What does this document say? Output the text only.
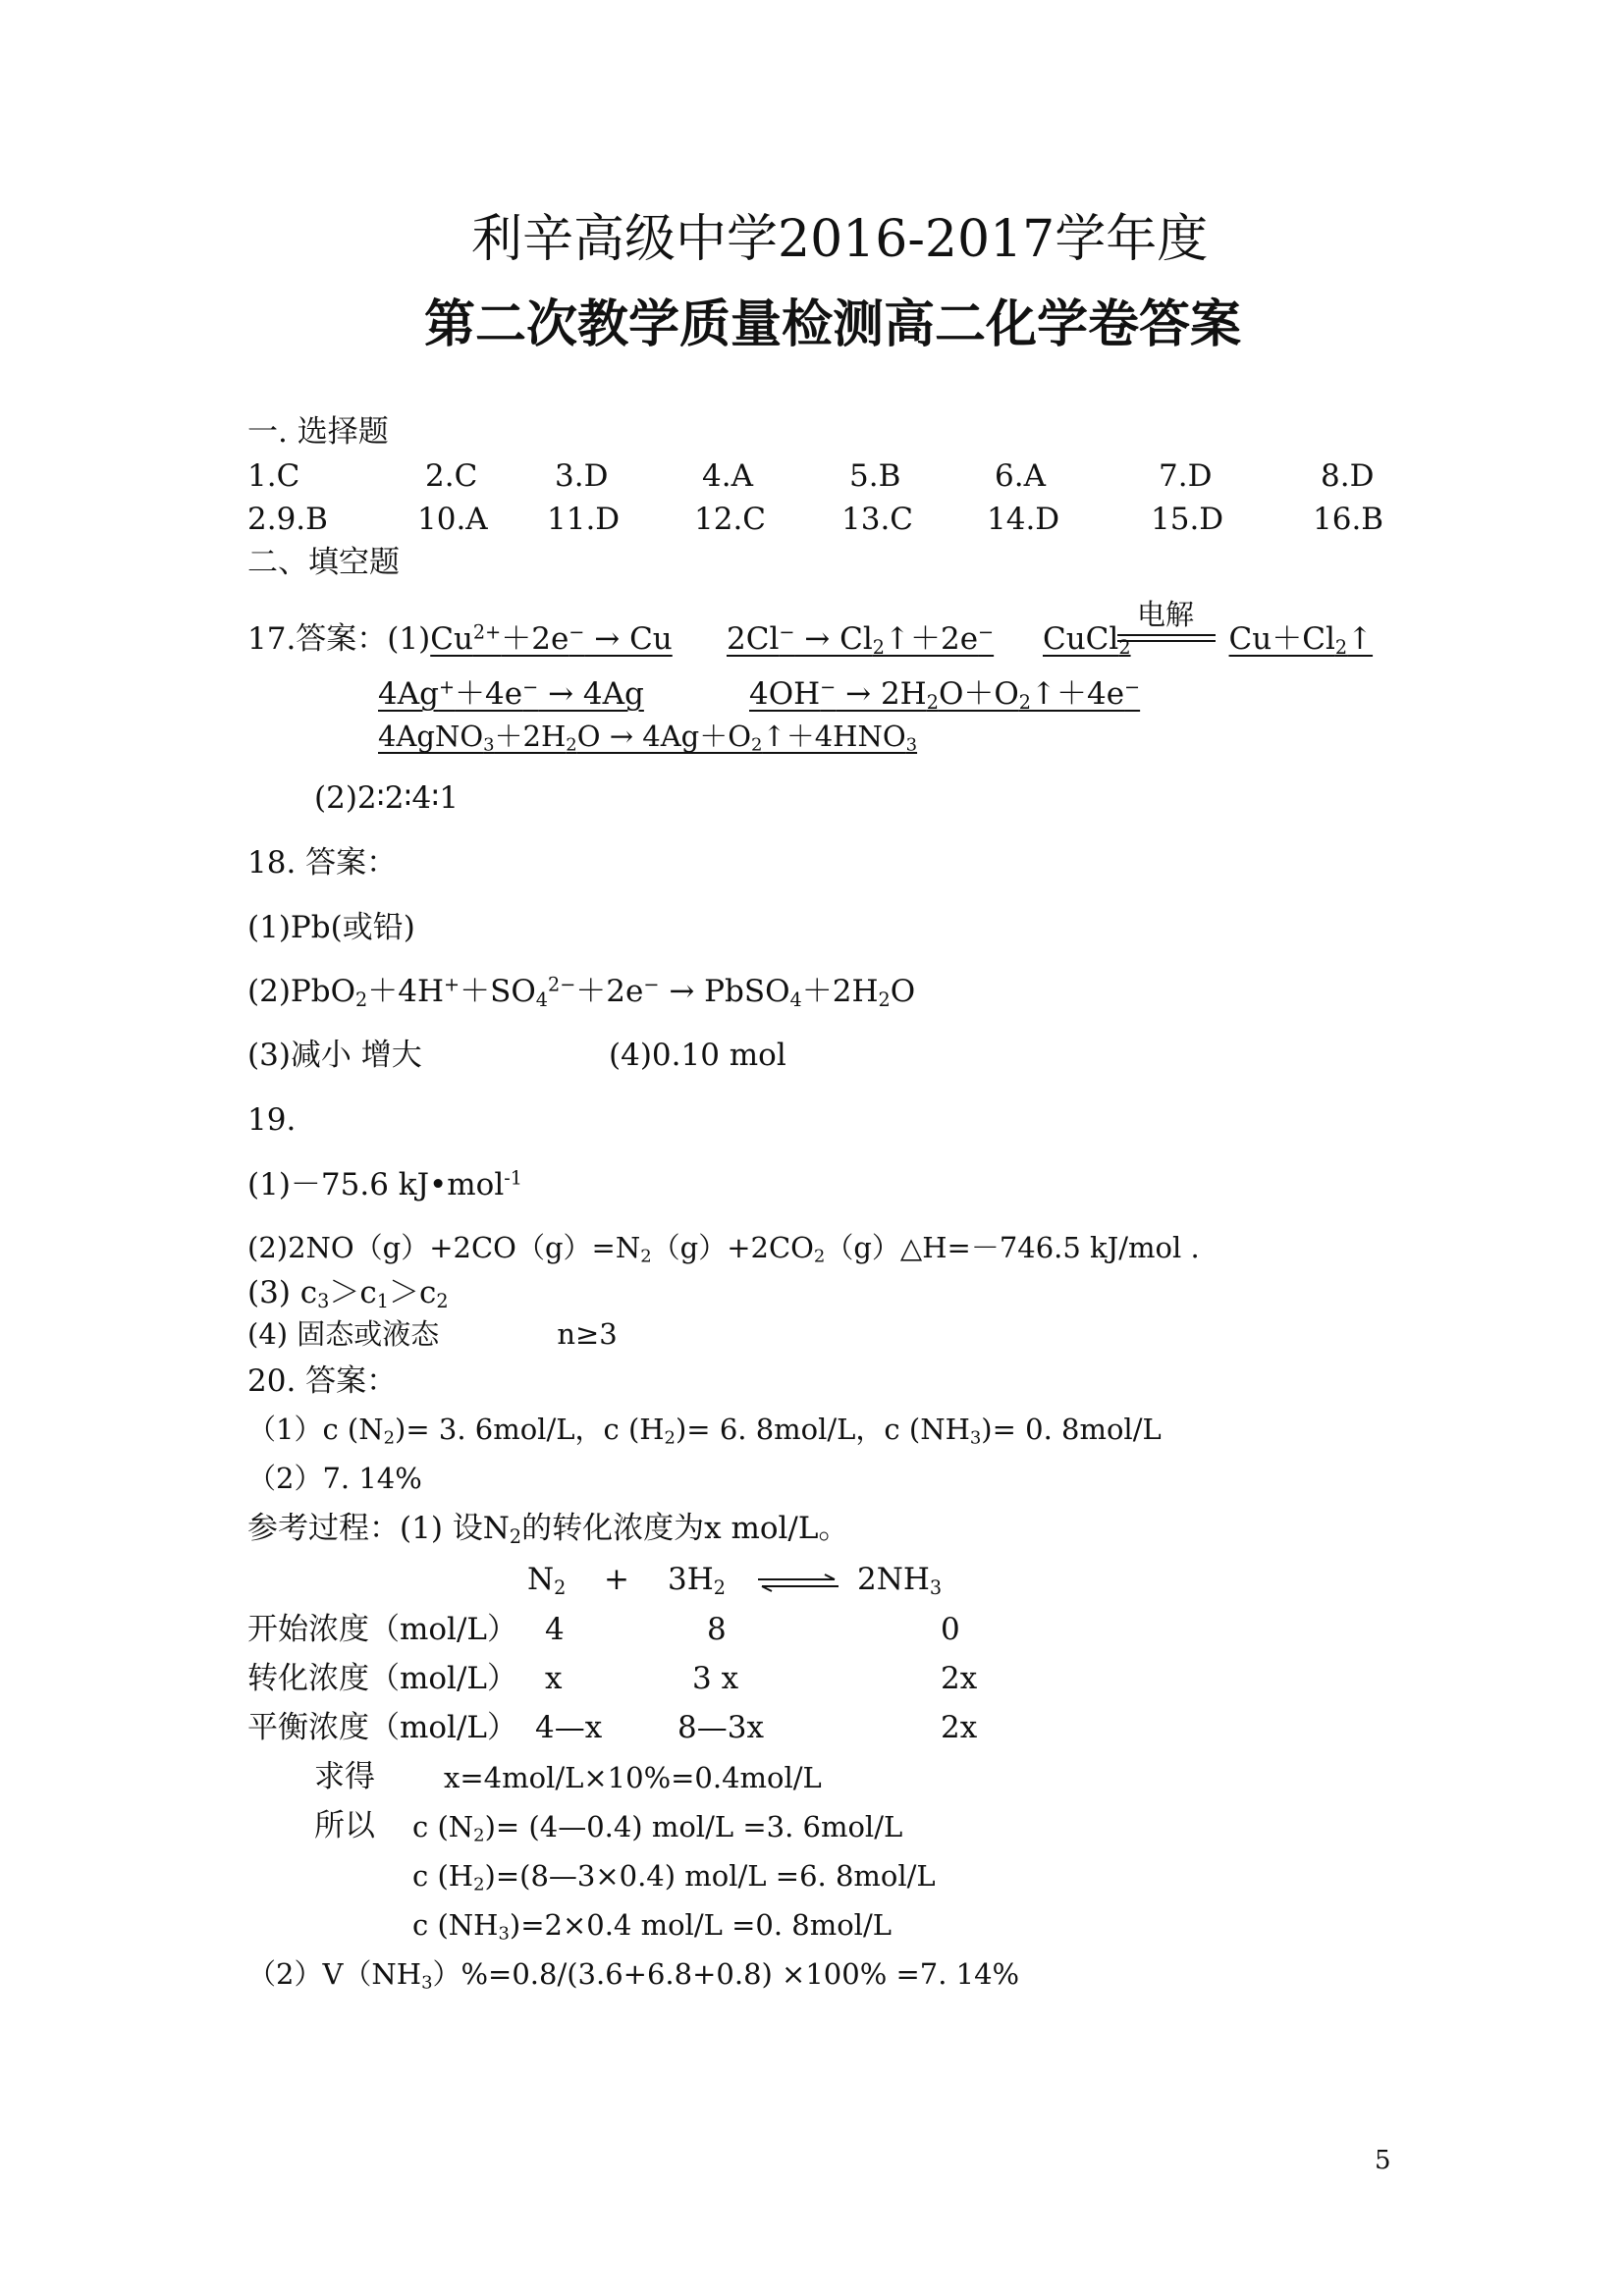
利辛高级中学2016-2017学年度
第二次教学质量检测高二化学卷答案
一. 选择题
1.C	2.C	3.D	4.A	5.B	6.A	7.D	8.D
2.9.B	10.A 11.D 12.C 13.C 14.D	15.D	16.B
二、填空题
17.答案：$(1)Cu^{2+}+2e^- \to Cu$ $2Cl^- \to Cl_2↑+2e^-$
电解
CuCl$_2$	$Cu+Cl_2↑$
4Ag+＋4e− → 4Ag	$4OH^- \to 2H_2O+O_2↑+4e^-$
$4AgNO_3+2H_2O$ → $4Ag+O_2↑+4HNO_3$
(2)2∶2∶4∶1
18. 答案：
(1)Pb(或铅)
$(2)PbO_2+4H^++SO_4^{2-}+2e^-$ → $PbSO_4+2H_2O$
(3)减小 增大	(4)0.10 mol
19.
(1)－75.6 kJ•mol$^{-1}$
$(2)2NO(g)+2CO(g)=N_2(g)+2CO_2(g)\triangle H=-746.5$ kJ/mol .
(3) $c_3>c_1>c_2$
(4) 固态或液态	n≥3
20. 答案：
（1）c $(N_2)= 3$. 6mol/L，c $(H_2)= 6$. 8mol/L，c $(NH_3)= 0$. 8mol/L
（2）7. 14%
参考过程：(1) 设$N_2$的转化浓度为x mol/L。
$N_2 + 3H_2$	$2NH_3$
开始浓度（mol/L） 4	8	0
转化浓度（mol/L） x	3 x	2x
平衡浓度（mol/L） 4—x 8—3x	2x
求得 x=4mol/L×10%=0.4mol/L
所以 c $(N_2)=$ (4—0.4) mol/L =3. 6mol/L
c $(H_2)=(8—3\times 0.4)$ mol/L =6. 8mol/L
c $(NH_3)=2\times 0.4$ mol/L =0. 8mol/L
$(2)V(NH_3)\%=0.8/(3.6+6.8+0.8) \times 100\% =7$. 14%
5
